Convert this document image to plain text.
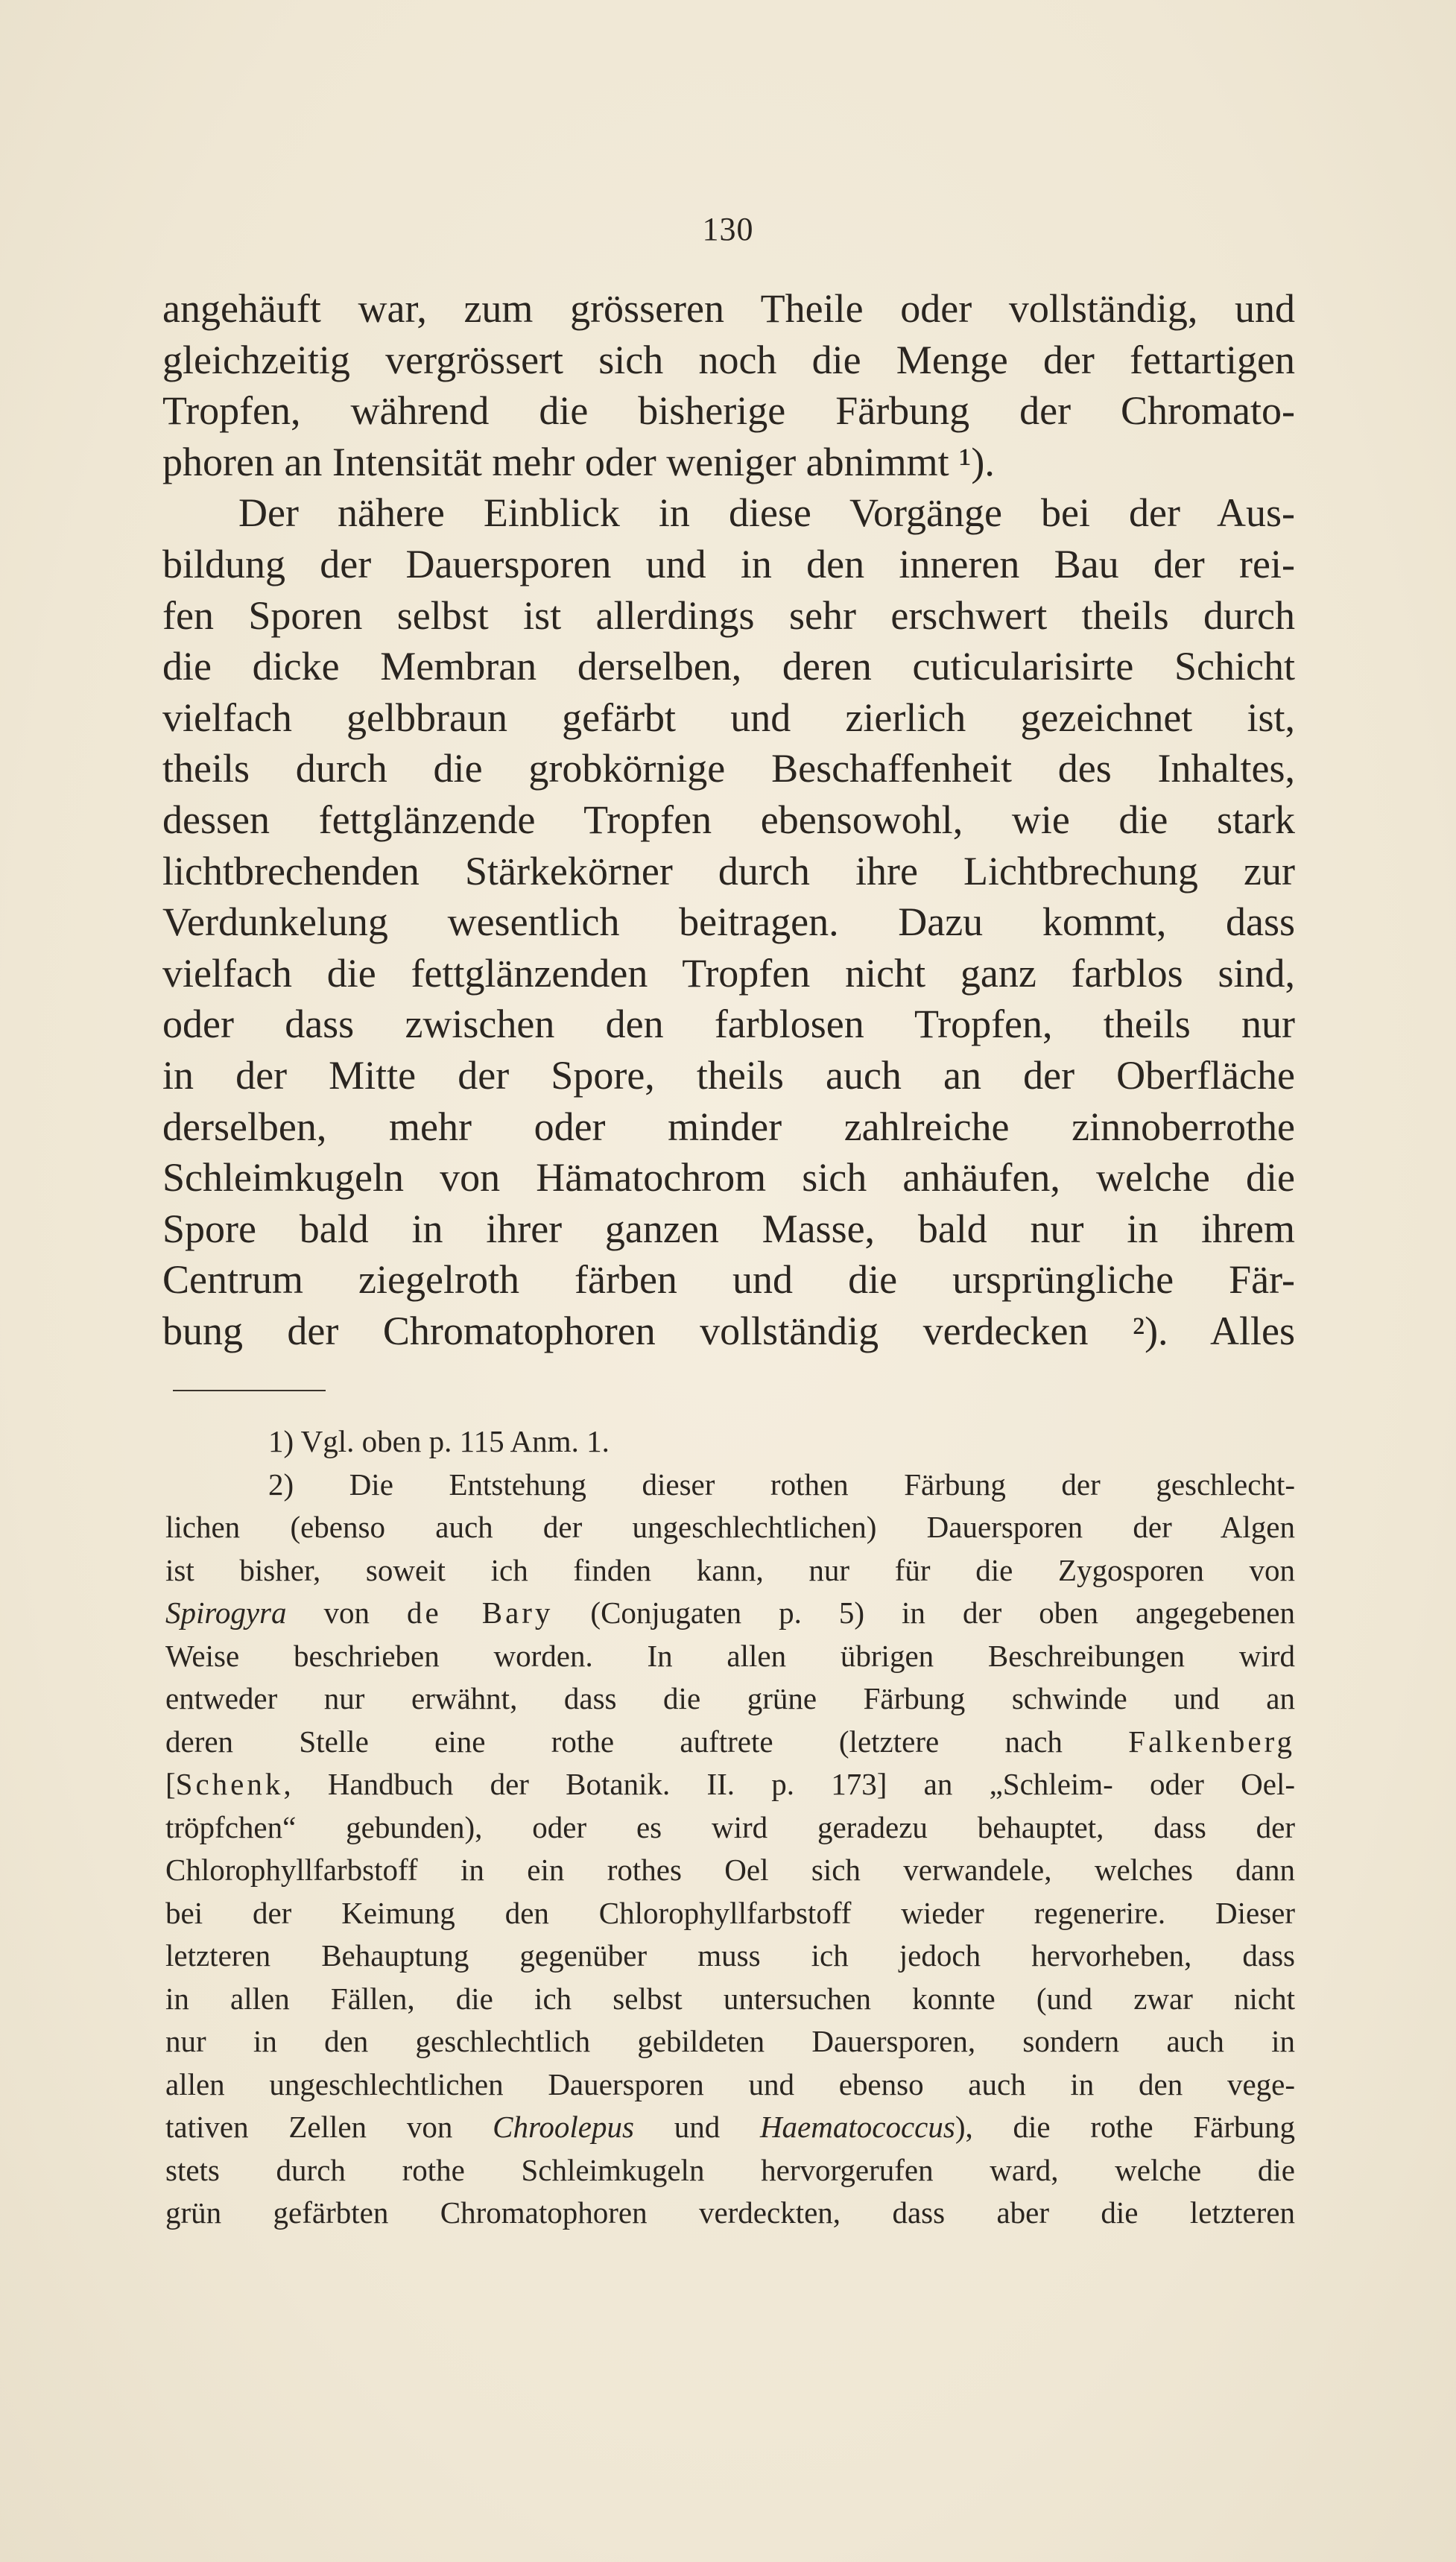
130
angehäuft war, zum grösseren Theile oder vollständig, und
gleichzeitig vergrössert sich noch die Menge der fettartigen
Tropfen, während die bisherige Färbung der Chromato-
phoren an Intensität mehr oder weniger abnimmt ¹).
Der nähere Einblick in diese Vorgänge bei der Aus-
bildung der Dauersporen und in den inneren Bau der rei-
fen Sporen selbst ist allerdings sehr erschwert theils durch
die dicke Membran derselben, deren cuticularisirte Schicht
vielfach gelbbraun gefärbt und zierlich gezeichnet ist,
theils durch die grobkörnige Beschaffenheit des Inhaltes,
dessen fettglänzende Tropfen ebensowohl, wie die stark
lichtbrechenden Stärkekörner durch ihre Lichtbrechung zur
Verdunkelung wesentlich beitragen. Dazu kommt, dass
vielfach die fettglänzenden Tropfen nicht ganz farblos sind,
oder dass zwischen den farblosen Tropfen, theils nur
in der Mitte der Spore, theils auch an der Oberfläche
derselben, mehr oder minder zahlreiche zinnoberrothe
Schleimkugeln von Hämatochrom sich anhäufen, welche die
Spore bald in ihrer ganzen Masse, bald nur in ihrem
Centrum ziegelroth färben und die ursprüngliche Fär-
bung der Chromatophoren vollständig verdecken ²). Alles
1) Vgl. oben p. 115 Anm. 1.
2) Die Entstehung dieser rothen Färbung der geschlecht-
lichen (ebenso auch der ungeschlechtlichen) Dauersporen der Algen
ist bisher, soweit ich finden kann, nur für die Zygosporen von
Spirogyra von de Bary (Conjugaten p. 5) in der oben angegebenen
Weise beschrieben worden. In allen übrigen Beschreibungen wird
entweder nur erwähnt, dass die grüne Färbung schwinde und an
deren Stelle eine rothe auftrete (letztere nach Falkenberg
[Schenk, Handbuch der Botanik. II. p. 173] an „Schleim- oder Oel-
tröpfchen“ gebunden), oder es wird geradezu behauptet, dass der
Chlorophyllfarbstoff in ein rothes Oel sich verwandele, welches dann
bei der Keimung den Chlorophyllfarbstoff wieder regenerire. Dieser
letzteren Behauptung gegenüber muss ich jedoch hervorheben, dass
in allen Fällen, die ich selbst untersuchen konnte (und zwar nicht
nur in den geschlechtlich gebildeten Dauersporen, sondern auch in
allen ungeschlechtlichen Dauersporen und ebenso auch in den vege-
tativen Zellen von Chroolepus und Haematococcus), die rothe Färbung
stets durch rothe Schleimkugeln hervorgerufen ward, welche die
grün gefärbten Chromatophoren verdeckten, dass aber die letzteren
